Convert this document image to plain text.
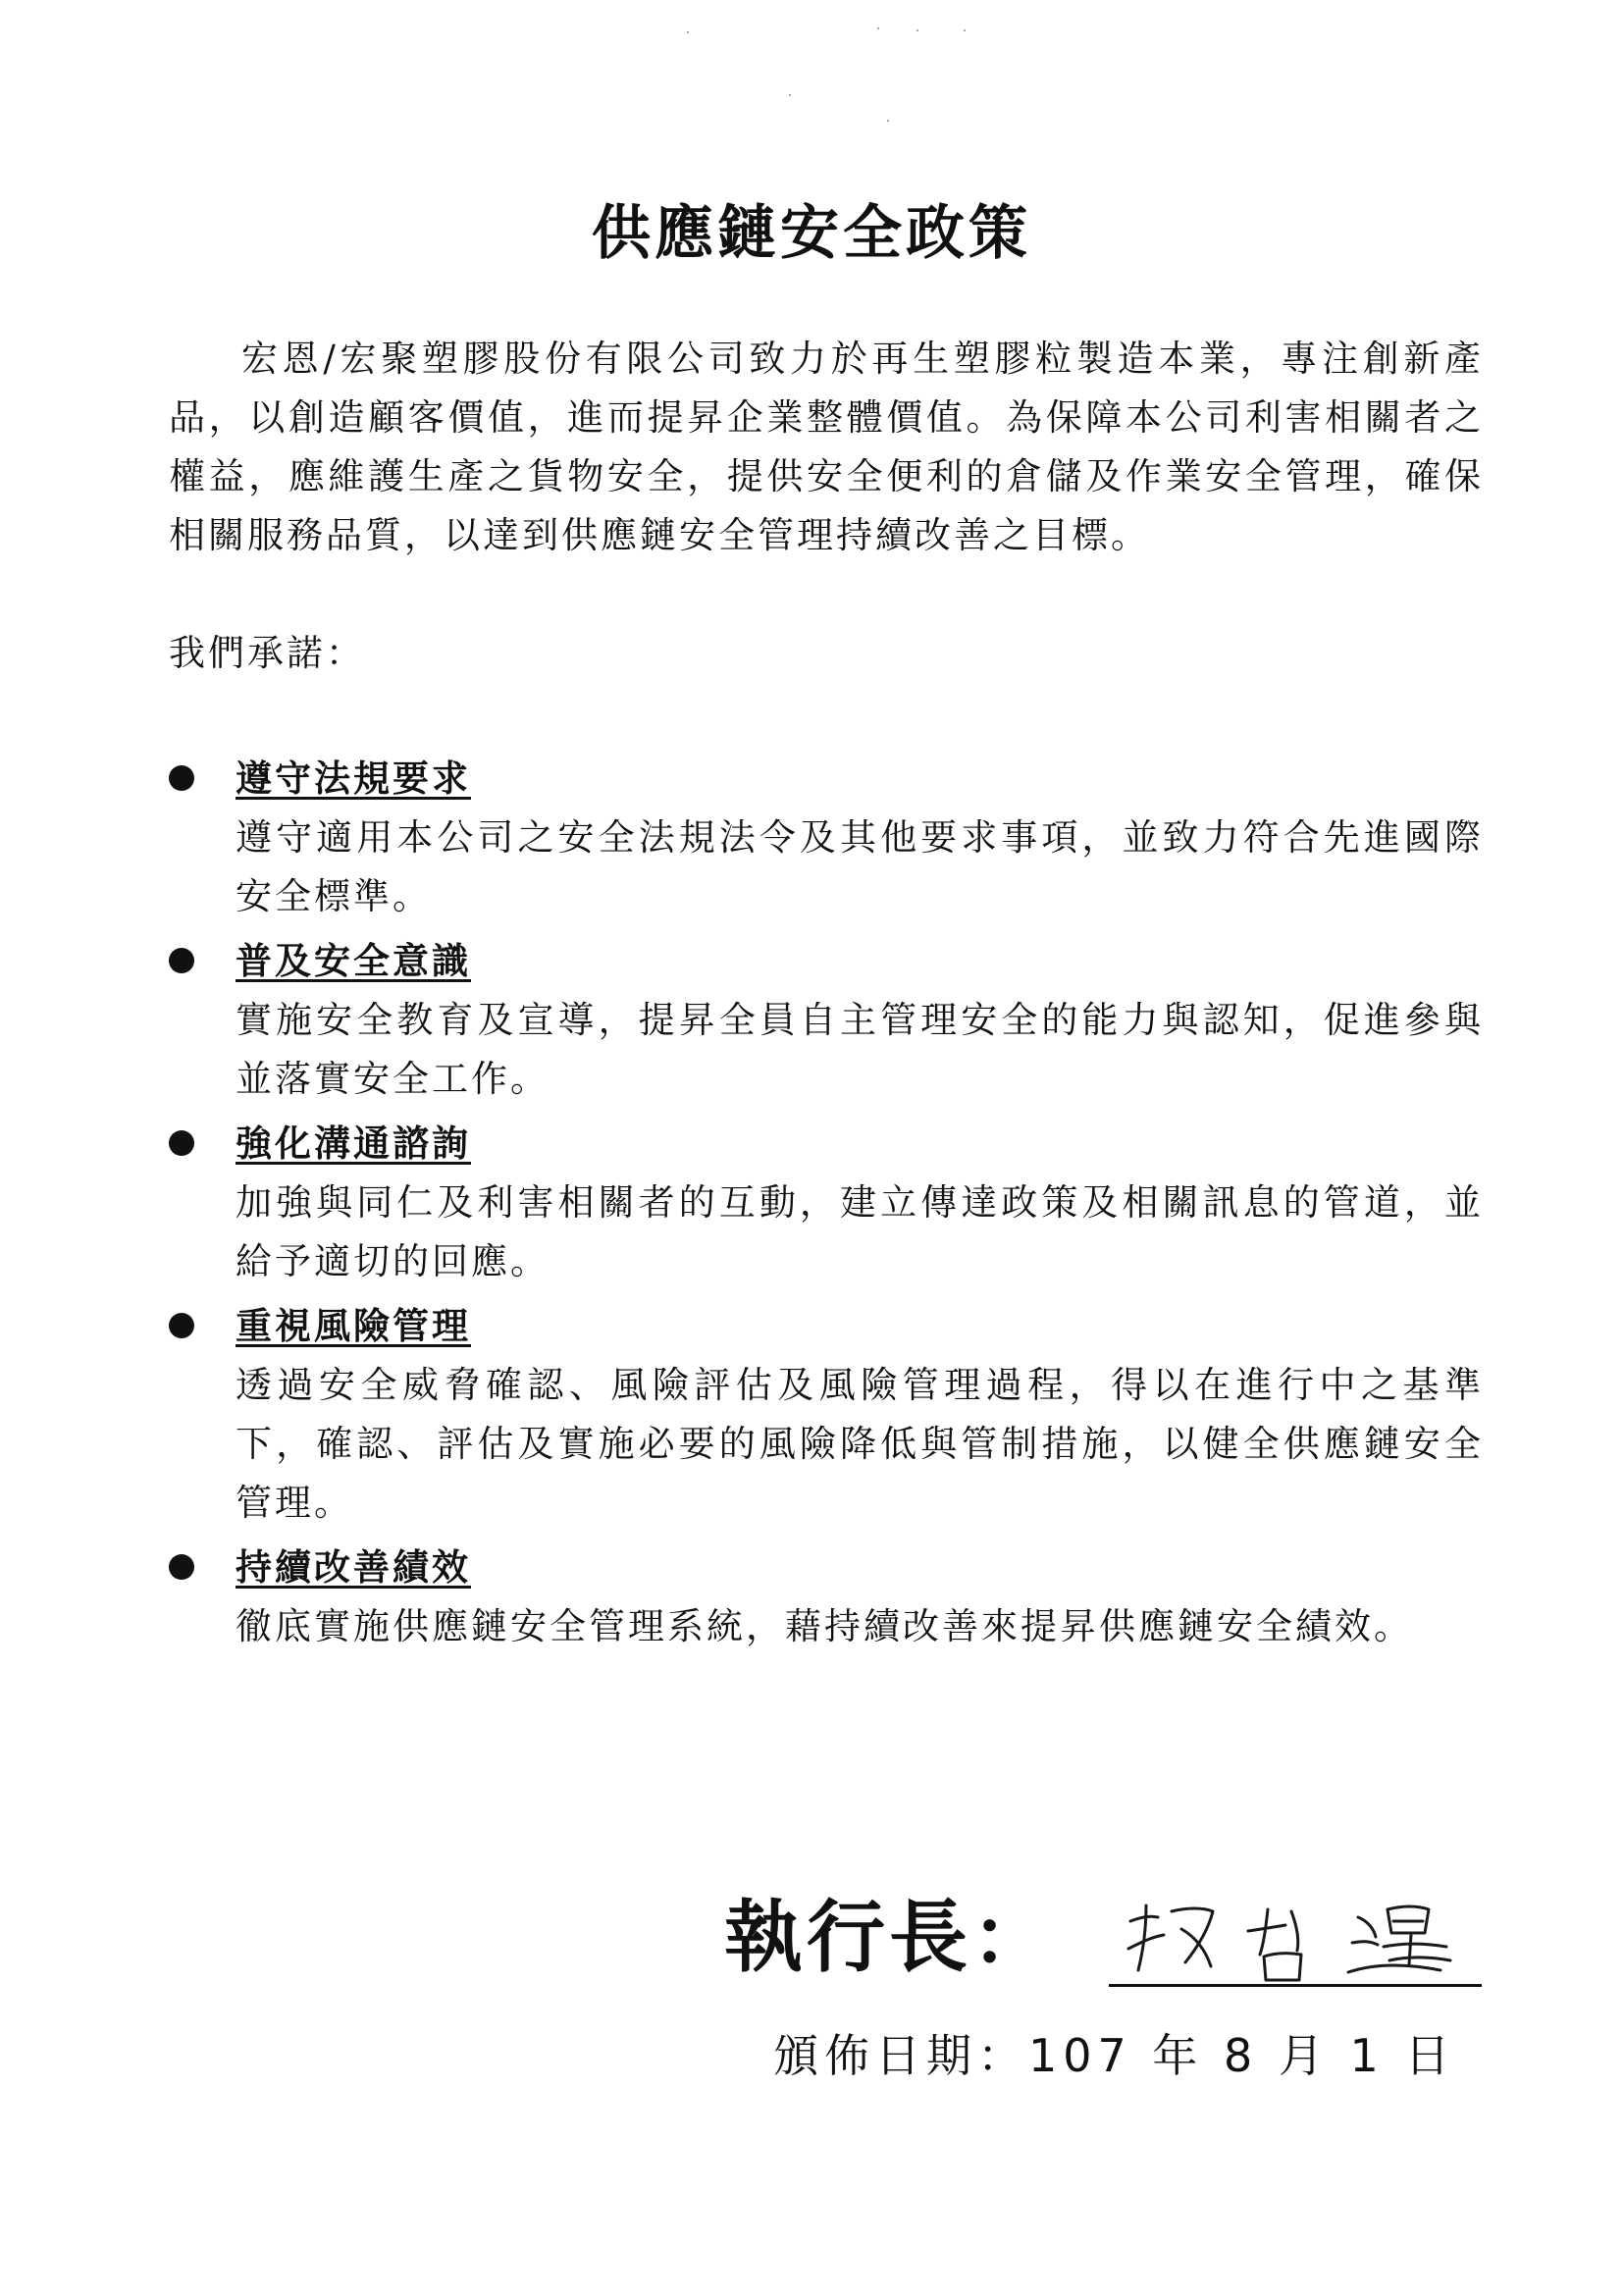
供應鏈安全政策

宏恩/宏聚塑膠股份有限公司致力於再生塑膠粒製造本業，專注創新產品，以創造顧客價值，進而提昇企業整體價值。為保障本公司利害相關者之權益，應維護生產之貨物安全，提供安全便利的倉儲及作業安全管理，確保相關服務品質，以達到供應鏈安全管理持續改善之目標。

我們承諾：

遵守法規要求

遵守適用本公司之安全法規法令及其他要求事項，並致力符合先進國際安全標準。

普及安全意識

實施安全教育及宣導，提昇全員自主管理安全的能力與認知，促進參與並落實安全工作。

強化溝通諮詢

加強與同仁及利害相關者的互動，建立傳達政策及相關訊息的管道，並給予適切的回應。

重視風險管理

透過安全威脅確認、風險評估及風險管理過程，得以在進行中之基準下，確認、評估及實施必要的風險降低與管制措施，以健全供應鏈安全管理。

持續改善績效

徹底實施供應鏈安全管理系統，藉持續改善來提昇供應鏈安全績效。

執行長：
頒佈日期：107 年 8 月 1 日
